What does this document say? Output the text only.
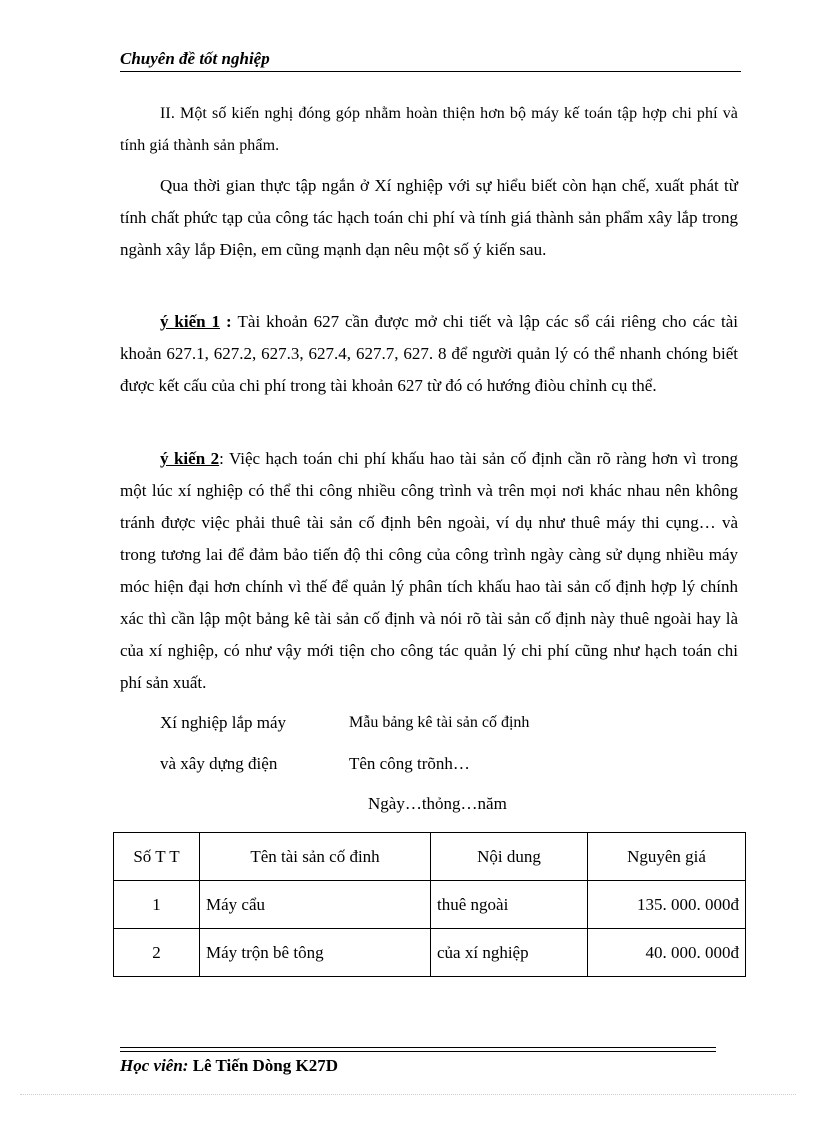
Chuyên đề tốt nghiệp

II. Một số kiến nghị đóng góp nhằm hoàn thiện hơn bộ máy kế toán tập hợp chi phí và tính giá thành sản phẩm.

Qua thời gian thực tập ngắn ở Xí nghiệp với sự hiểu biết còn hạn chế, xuất phát từ tính chất phức tạp của công tác hạch toán chi phí và tính giá thành sản phẩm xây lắp trong ngành xây lắp Điện, em cũng mạnh dạn nêu một số ý kiến sau.

ý kiến 1 : Tài khoản 627 cần được mở chi tiết và lập các sổ cái riêng cho các tài khoản 627.1, 627.2, 627.3, 627.4, 627.7, 627. 8 để người quản lý có thể nhanh chóng biết được kết cấu của chi phí trong tài khoản 627 từ đó có hướng điòu chỉnh cụ thể.

ý kiến 2: Việc hạch toán chi phí khấu hao tài sản cố định cần rõ ràng hơn vì trong một lúc xí nghiệp có thể thi công nhiều công trình và trên mọi nơi khác nhau nên không tránh được việc phải thuê tài sản cố định bên ngoài, ví dụ như thuê máy thi cụng… và trong tương lai để đảm bảo tiến độ thi công của công trình ngày càng sử dụng nhiều máy móc hiện đại hơn chính vì thế để quản lý phân tích khấu hao tài sản cố định hợp lý chính xác thì cần lập một bảng kê tài sản cố định và nói rõ tài sản cố định này thuê ngoài hay là của xí nghiệp, có như vậy mới tiện cho công tác quản lý chi phí cũng như hạch toán chi phí sản xuất.

Xí nghiệp lắp máy	Mẫu bảng kê tài sản cố định
và xây dựng điện	Tên công trõnh…
Ngày…thỏng…năm
Số T T	Tên tài sản cố đinh	Nội dung	Nguyên giá
1	Máy cẩu	thuê ngoài	135. 000. 000đ
2	Máy trộn bê tông	của xí nghiệp	40. 000. 000đ
Học viên: Lê Tiến Dòng K27D
